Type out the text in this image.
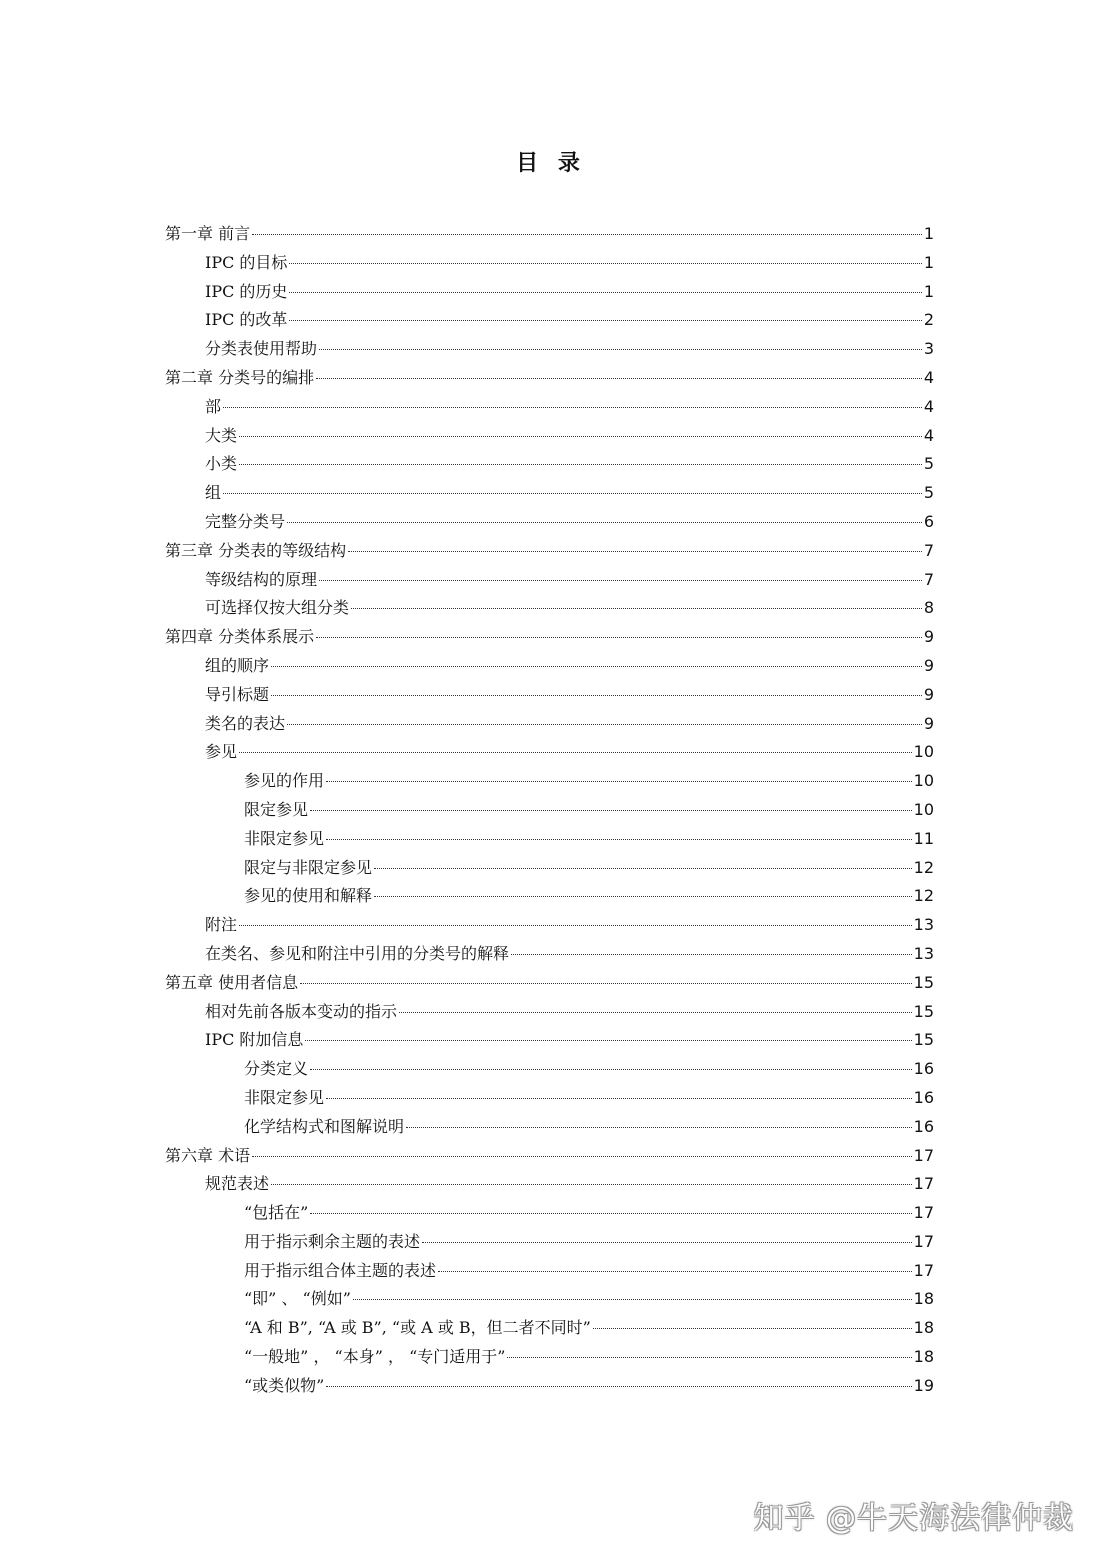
目 录
第一章 前言	1
IPC 的目标	1
IPC 的历史	1
IPC 的改革	2
分类表使用帮助	3
第二章 分类号的编排	4
部	4
大类	4
小类	5
组	5
完整分类号	6
第三章 分类表的等级结构	7
等级结构的原理	7
可选择仅按大组分类	8
第四章 分类体系展示	9
组的顺序	9
导引标题	9
类名的表达	9
参见	10
参见的作用	10
限定参见	10
非限定参见	11
限定与非限定参见	12
参见的使用和解释	12
附注	13
在类名、参见和附注中引用的分类号的解释	13
第五章 使用者信息	15
相对先前各版本变动的指示	15
IPC 附加信息	15
分类定义	16
非限定参见	16
化学结构式和图解说明	16
第六章 术语	17
规范表述	17
“包括在”	17
用于指示剩余主题的表述	17
用于指示组合体主题的表述	17
“即” 、 “例如”	18
“A 和 B”, “A 或 B”, “或 A 或 B，但二者不同时”	18
“一般地” ， “本身” ， “专门适用于”	18
“或类似物”	19
知乎 @牛天海法律仲裁
